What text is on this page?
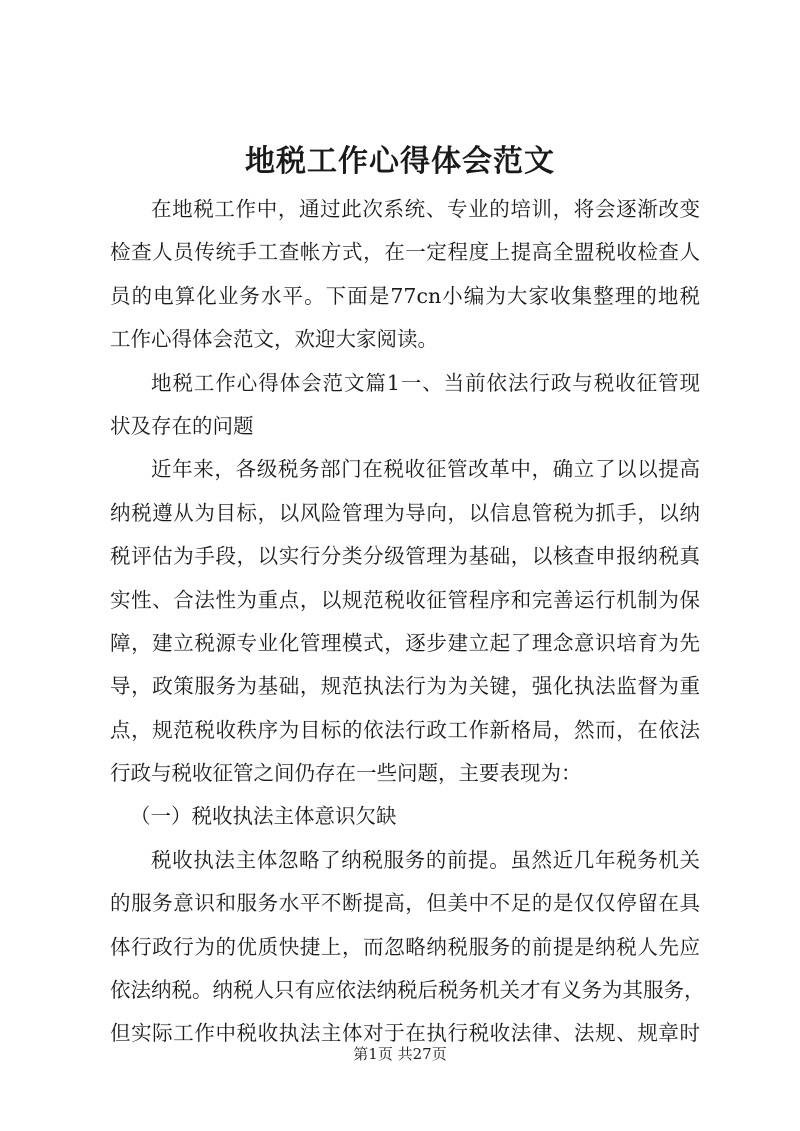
地税工作心得体会范文
在地税工作中，通过此次系统、专业的培训，将会逐渐改变
检查人员传统手工查帐方式，在一定程度上提高全盟税收检查人
员的电算化业务水平。下面是77cn小编为大家收集整理的地税
工作心得体会范文，欢迎大家阅读。
地税工作心得体会范文篇1一、当前依法行政与税收征管现
状及存在的问题
近年来，各级税务部门在税收征管改革中，确立了以以提高
纳税遵从为目标，以风险管理为导向，以信息管税为抓手，以纳
税评估为手段，以实行分类分级管理为基础，以核查申报纳税真
实性、合法性为重点，以规范税收征管程序和完善运行机制为保
障，建立税源专业化管理模式，逐步建立起了理念意识培育为先
导，政策服务为基础，规范执法行为为关键，强化执法监督为重
点，规范税收秩序为目标的依法行政工作新格局，然而，在依法
行政与税收征管之间仍存在一些问题，主要表现为：
（一）税收执法主体意识欠缺
税收执法主体忽略了纳税服务的前提。虽然近几年税务机关
的服务意识和服务水平不断提高，但美中不足的是仅仅停留在具
体行政行为的优质快捷上，而忽略纳税服务的前提是纳税人先应
依法纳税。纳税人只有应依法纳税后税务机关才有义务为其服务，
但实际工作中税收执法主体对于在执行税收法律、法规、规章时
第1页 共27页
